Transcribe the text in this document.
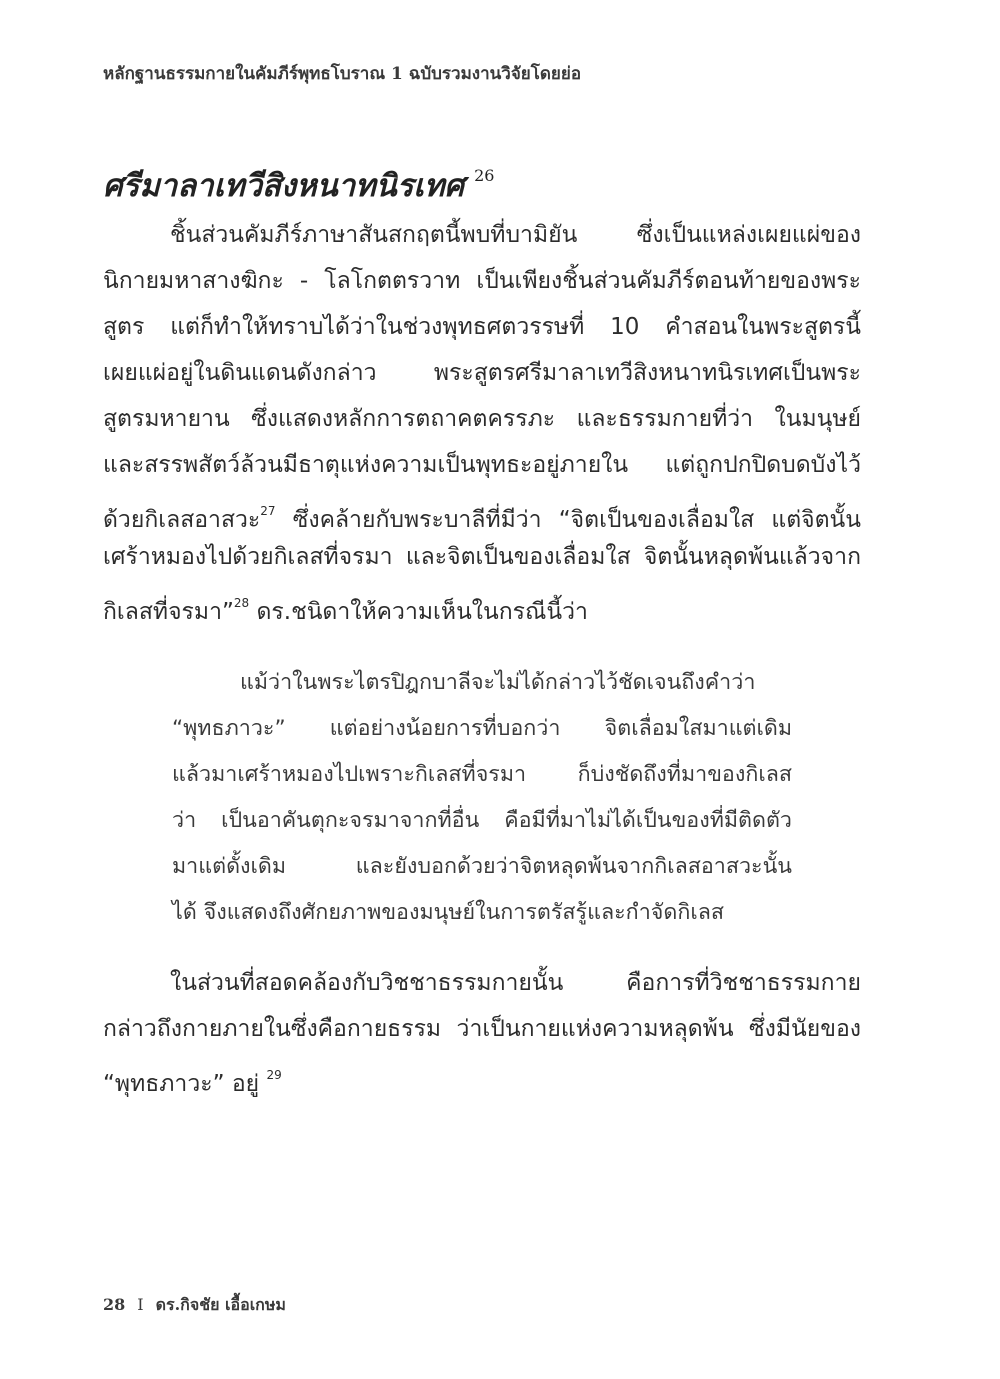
หลักฐานธรรมกายในคัมภีร์พุทธโบราณ 1 ฉบับรวมงานวิจัยโดยย่อ
ศรีมาลาเทวีสิงหนาทนิรเทศ $^{26}$
ชิ้นส่วนคัมภีร์ภาษาสันสกฤตนี้พบที่บามิยัน ซึ่งเป็นแหล่งเผยแผ่ของ
นิกายมหาสางฆิกะ - โลโกตตรวาท เป็นเพียงชิ้นส่วนคัมภีร์ตอนท้ายของพระ
สูตร แต่ก็ทำให้ทราบได้ว่าในช่วงพุทธศตวรรษที่ 10 คำสอนในพระสูตรนี้
เผยแผ่อยู่ในดินแดนดังกล่าว พระสูตรศรีมาลาเทวีสิงหนาทนิรเทศเป็นพระ
สูตรมหายาน ซึ่งแสดงหลักการตถาคตครรภะ และธรรมกายที่ว่า ในมนุษย์
และสรรพสัตว์ล้วนมีธาตุแห่งความเป็นพุทธะอยู่ภายใน แต่ถูกปกปิดบดบังไว้
ด้วยกิเลสอาสวะ$^{27}$ ซึ่งคล้ายกับพระบาลีที่มีว่า “จิตเป็นของเลื่อมใส แต่จิตนั้น
เศร้าหมองไปด้วยกิเลสที่จรมา และจิตเป็นของเลื่อมใส จิตนั้นหลุดพ้นแล้วจาก
กิเลสที่จรมา”$^{28}$ ดร.ชนิดาให้ความเห็นในกรณีนี้ว่า
แม้ว่าในพระไตรปิฎกบาลีจะไม่ได้กล่าวไว้ชัดเจนถึงคำว่า
“พุทธภาวะ” แต่อย่างน้อยการที่บอกว่า จิตเลื่อมใสมาแต่เดิม
แล้วมาเศร้าหมองไปเพราะกิเลสที่จรมา ก็บ่งชัดถึงที่มาของกิเลส
ว่า เป็นอาคันตุกะจรมาจากที่อื่น คือมีที่มาไม่ได้เป็นของที่มีติดตัว
มาแต่ดั้งเดิม และยังบอกด้วยว่าจิตหลุดพ้นจากกิเลสอาสวะนั้น
ได้ จึงแสดงถึงศักยภาพของมนุษย์ในการตรัสรู้และกำจัดกิเลส
ในส่วนที่สอดคล้องกับวิชชาธรรมกายนั้น คือการที่วิชชาธรรมกาย
กล่าวถึงกายภายในซึ่งคือกายธรรม ว่าเป็นกายแห่งความหลุดพ้น ซึ่งมีนัยของ
“พุทธภาวะ” อยู่ $^{29}$
28 I ดร.กิจชัย เอื้อเกษม
